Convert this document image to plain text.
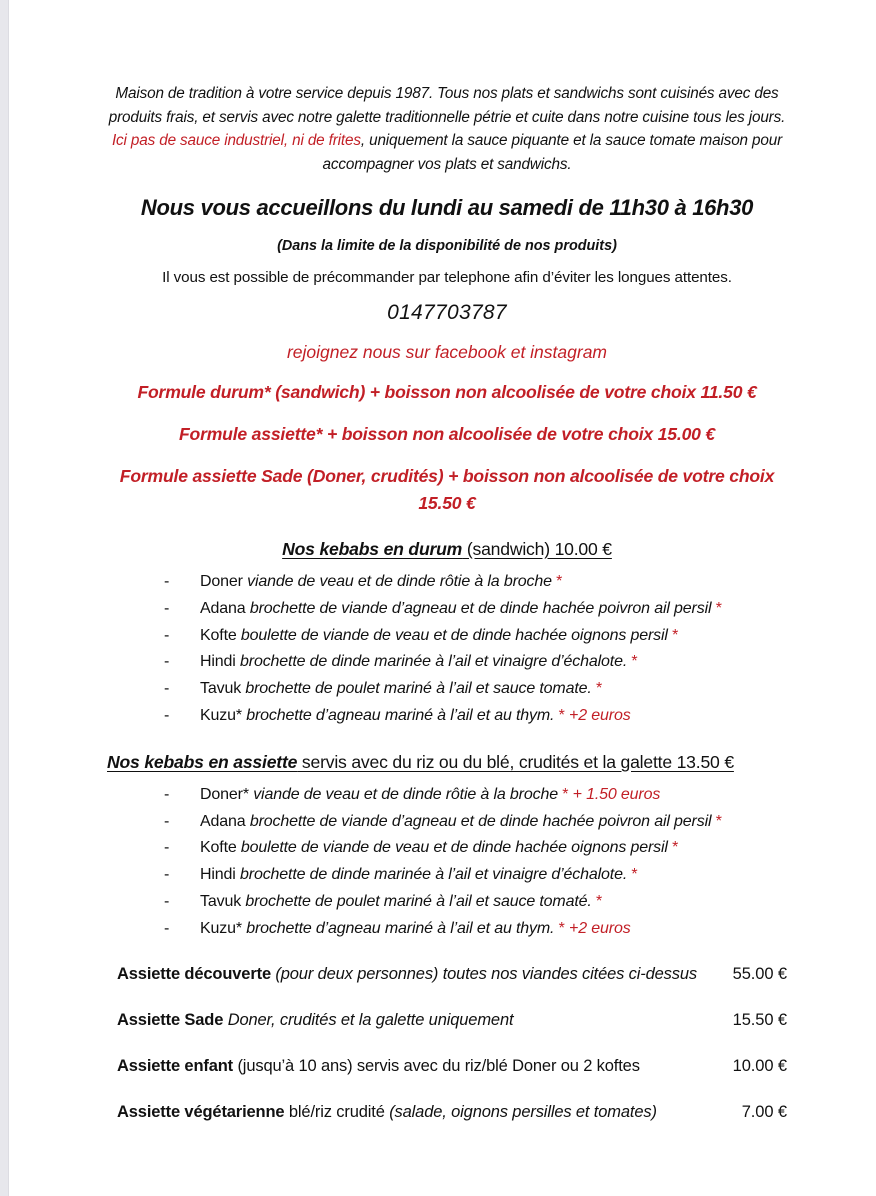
Maison de tradition à votre service depuis 1987. Tous nos plats et sandwichs sont cuisinés avec des produits frais, et servis avec notre galette traditionnelle pétrie et cuite dans notre cuisine tous les jours. Ici pas de sauce industriel, ni de frites, uniquement la sauce piquante et la sauce tomate maison pour accompagner vos plats et sandwichs.

Nous vous accueillons du lundi au samedi de 11h30 à 16h30

(Dans la limite de la disponibilité de nos produits)

Il vous est possible de précommander par telephone afin d’éviter les longues attentes.

0147703787

rejoignez nous sur facebook et instagram

Formule durum* (sandwich) + boisson non alcoolisée de votre choix 11.50 €

Formule assiette* + boisson non alcoolisée de votre choix 15.00 €

Formule assiette Sade (Doner, crudités) + boisson non alcoolisée de votre choix 15.50 €

Nos kebabs en durum (sandwich) 10.00 €
- Doner viande de veau et de dinde rôtie à la broche *
- Adana brochette de viande d’agneau et de dinde hachée poivron ail persil *
- Kofte boulette de viande de veau et de dinde hachée oignons persil *
- Hindi brochette de dinde marinée à l’ail et vinaigre d’échalote. *
- Tavuk brochette de poulet mariné à l’ail et sauce tomate. *
- Kuzu* brochette d’agneau mariné à l’ail et au thym. * +2 euros
Nos kebabs en assiette servis avec du riz ou du blé, crudités et la galette 13.50 €
- Doner* viande de veau et de dinde rôtie à la broche * + 1.50 euros
- Adana brochette de viande d’agneau et de dinde hachée poivron ail persil *
- Kofte boulette de viande de veau et de dinde hachée oignons persil *
- Hindi brochette de dinde marinée à l’ail et vinaigre d’échalote. *
- Tavuk brochette de poulet mariné à l’ail et sauce tomaté. *
- Kuzu* brochette d’agneau mariné à l’ail et au thym. * +2 euros
Assiette découverte (pour deux personnes) toutes nos viandes citées ci-dessus	55.00 €
Assiette Sade Doner, crudités et la galette uniquement	15.50 €
Assiette enfant (jusqu’à 10 ans) servis avec du riz/blé Doner ou 2 koftes	10.00 €
Assiette végétarienne blé/riz crudité (salade, oignons persilles et tomates)	7.00 €
